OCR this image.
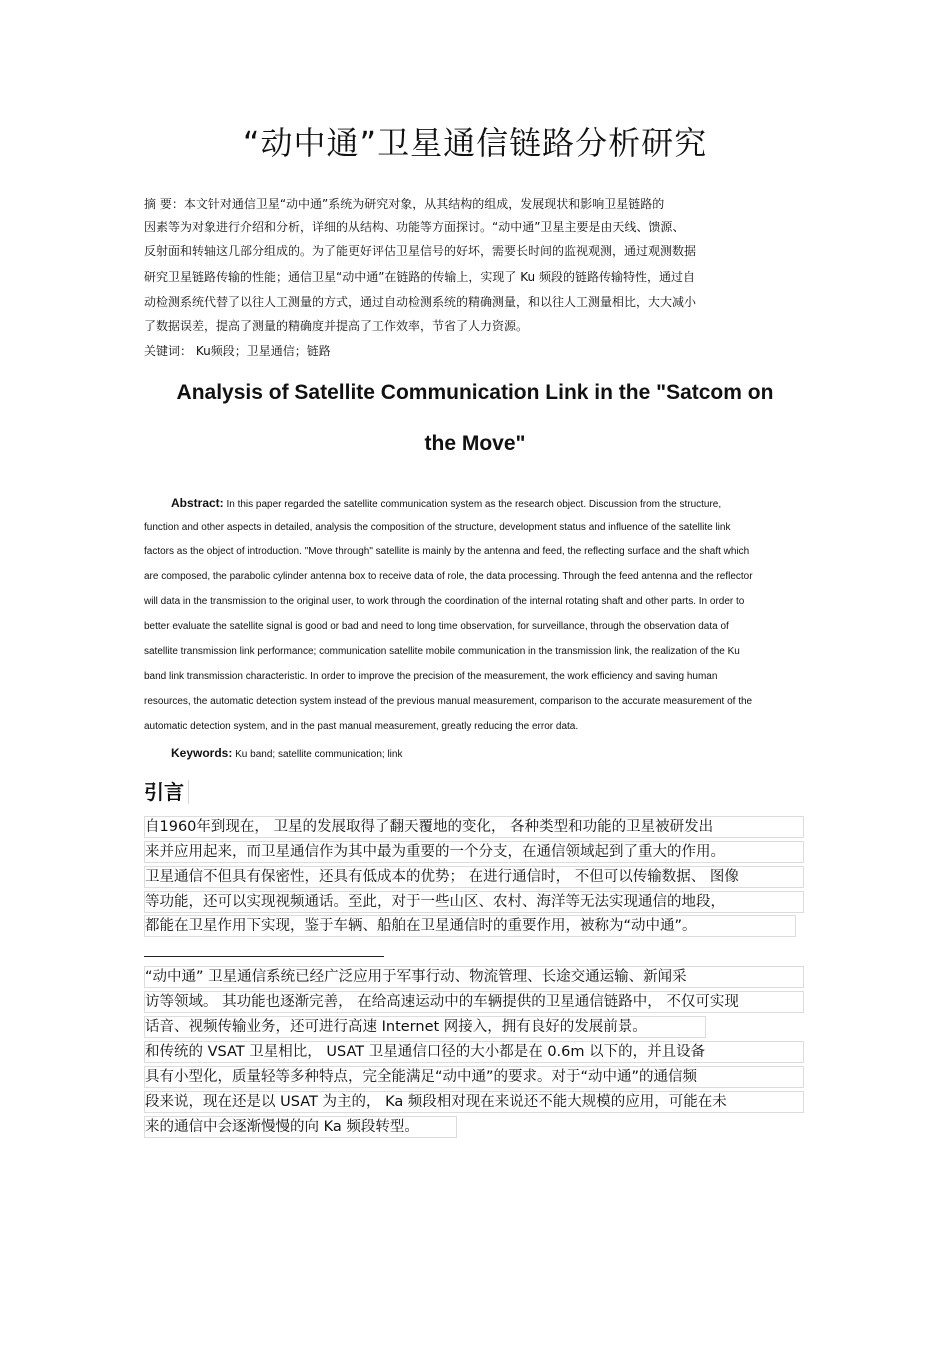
“动中通”卫星通信链路分析研究

摘 要：本文针对通信卫星“动中通”系统为研究对象，从其结构的组成，发展现状和影响卫星链路的

因素等为对象进行介绍和分析，详细的从结构、功能等方面探讨。“动中通”卫星主要是由天线、馈源、

反射面和转轴这几部分组成的。为了能更好评估卫星信号的好坏，需要长时间的监视观测，通过观测数据

研究卫星链路传输的性能；通信卫星“动中通”在链路的传输上，实现了 Ku 频段的链路传输特性，通过自

动检测系统代替了以往人工测量的方式，通过自动检测系统的精确测量，和以往人工测量相比，大大减小

了数据误差，提高了测量的精确度并提高了工作效率，节省了人力资源。

关键词： Ku频段；卫星通信；链路

Analysis of Satellite Communication Link in the "Satcom on
the Move"

Abstract: In this paper regarded the satellite communication system as the research object. Discussion from the structure,

function and other aspects in detailed, analysis the composition of the structure, development status and influence of the satellite link

factors as the object of introduction. "Move through" satellite is mainly by the antenna and feed, the reflecting surface and the shaft which

are composed, the parabolic cylinder antenna box to receive data of role, the data processing. Through the feed antenna and the reflector

will data in the transmission to the original user, to work through the coordination of the internal rotating shaft and other parts. In order to

better evaluate the satellite signal is good or bad and need to long time observation, for surveillance, through the observation data of

satellite transmission link performance; communication satellite mobile communication in the transmission link, the realization of the Ku

band link transmission characteristic. In order to improve the precision of the measurement, the work efficiency and saving human

resources, the automatic detection system instead of the previous manual measurement, comparison to the accurate measurement of the

automatic detection system, and in the past manual measurement, greatly reducing the error data.

Keywords: Ku band; satellite communication; link

引言

自1960年到现在， 卫星的发展取得了翻天覆地的变化， 各种类型和功能的卫星被研发出

来并应用起来，而卫星通信作为其中最为重要的一个分支，在通信领域起到了重大的作用。

卫星通信不但具有保密性，还具有低成本的优势； 在进行通信时， 不但可以传输数据、 图像

等功能，还可以实现视频通话。至此，对于一些山区、农村、海洋等无法实现通信的地段，

都能在卫星作用下实现，鉴于车辆、船舶在卫星通信时的重要作用，被称为“动中通”。

“动中通” 卫星通信系统已经广泛应用于军事行动、物流管理、长途交通运输、新闻采

访等领域。 其功能也逐渐完善， 在给高速运动中的车辆提供的卫星通信链路中， 不仅可实现

话音、视频传输业务，还可进行高速 Internet 网接入，拥有良好的发展前景。

和传统的 VSAT 卫星相比， USAT 卫星通信口径的大小都是在 0.6m 以下的，并且设备

具有小型化，质量轻等多种特点，完全能满足“动中通”的要求。对于“动中通”的通信频

段来说，现在还是以 USAT 为主的， Ka 频段相对现在来说还不能大规模的应用，可能在未

来的通信中会逐渐慢慢的向 Ka 频段转型。
